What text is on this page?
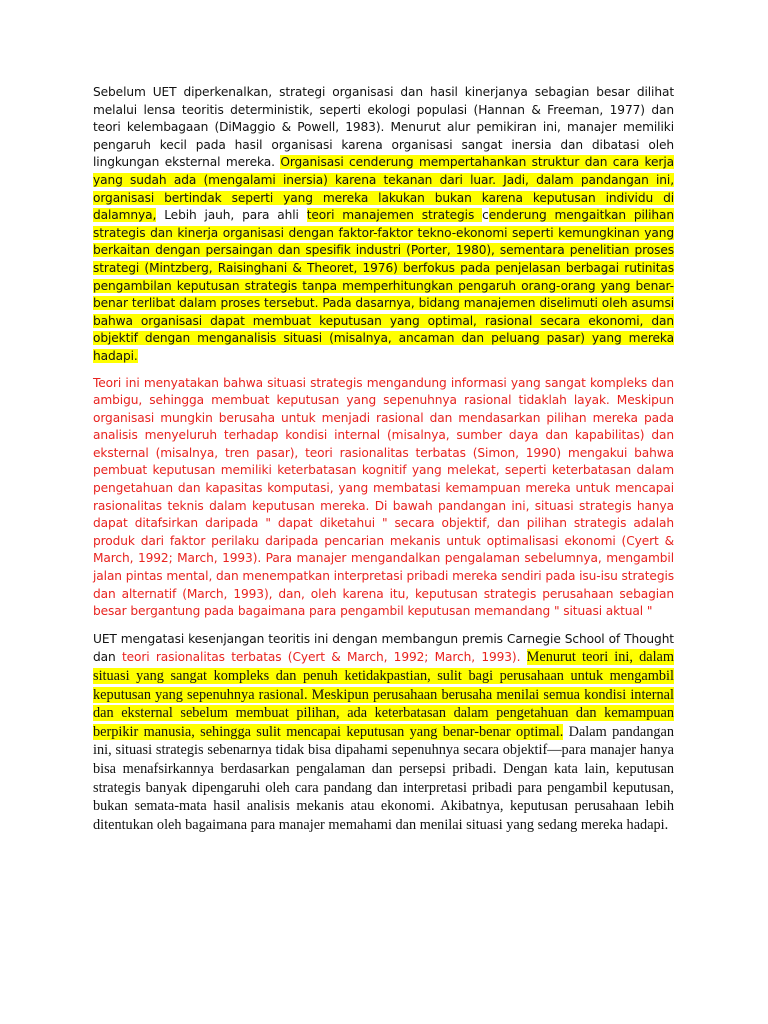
Sebelum UET diperkenalkan, strategi organisasi dan hasil kinerjanya sebagian besar dilihat melalui lensa teoritis deterministik, seperti ekologi populasi (Hannan & Freeman, 1977) dan teori kelembagaan (DiMaggio & Powell, 1983). Menurut alur pemikiran ini, manajer memiliki pengaruh kecil pada hasil organisasi karena organisasi sangat inersia dan dibatasi oleh lingkungan eksternal mereka. Organisasi cenderung mempertahankan struktur dan cara kerja yang sudah ada (mengalami inersia) karena tekanan dari luar. Jadi, dalam pandangan ini, organisasi bertindak seperti yang mereka lakukan bukan karena keputusan individu di dalamnya, Lebih jauh, para ahli teori manajemen strategis cenderung mengaitkan pilihan strategis dan kinerja organisasi dengan faktor-faktor tekno-ekonomi seperti kemungkinan yang berkaitan dengan persaingan dan spesifik industri (Porter, 1980), sementara penelitian proses strategi (Mintzberg, Raisinghani & Theoret, 1976) berfokus pada penjelasan berbagai rutinitas pengambilan keputusan strategis tanpa memperhitungkan pengaruh orang-orang yang benar-benar terlibat dalam proses tersebut. Pada dasarnya, bidang manajemen diselimuti oleh asumsi bahwa organisasi dapat membuat keputusan yang optimal, rasional secara ekonomi, dan objektif dengan menganalisis situasi (misalnya, ancaman dan peluang pasar) yang mereka hadapi.

Teori ini menyatakan bahwa situasi strategis mengandung informasi yang sangat kompleks dan ambigu, sehingga membuat keputusan yang sepenuhnya rasional tidaklah layak. Meskipun organisasi mungkin berusaha untuk menjadi rasional dan mendasarkan pilihan mereka pada analisis menyeluruh terhadap kondisi internal (misalnya, sumber daya dan kapabilitas) dan eksternal (misalnya, tren pasar), teori rasionalitas terbatas (Simon, 1990) mengakui bahwa pembuat keputusan memiliki keterbatasan kognitif yang melekat, seperti keterbatasan dalam pengetahuan dan kapasitas komputasi, yang membatasi kemampuan mereka untuk mencapai rasionalitas teknis dalam keputusan mereka. Di bawah pandangan ini, situasi strategis hanya dapat ditafsirkan daripada " dapat diketahui " secara objektif, dan pilihan strategis adalah produk dari faktor perilaku daripada pencarian mekanis untuk optimalisasi ekonomi (Cyert & March, 1992; March, 1993). Para manajer mengandalkan pengalaman sebelumnya, mengambil jalan pintas mental, dan menempatkan interpretasi pribadi mereka sendiri pada isu-isu strategis dan alternatif (March, 1993), dan, oleh karena itu, keputusan strategis perusahaan sebagian besar bergantung pada bagaimana para pengambil keputusan memandang " situasi aktual "

UET mengatasi kesenjangan teoritis ini dengan membangun premis Carnegie School of Thought dan teori rasionalitas terbatas (Cyert & March, 1992; March, 1993). Menurut teori ini, dalam situasi yang sangat kompleks dan penuh ketidakpastian, sulit bagi perusahaan untuk mengambil keputusan yang sepenuhnya rasional. Meskipun perusahaan berusaha menilai semua kondisi internal dan eksternal sebelum membuat pilihan, ada keterbatasan dalam pengetahuan dan kemampuan berpikir manusia, sehingga sulit mencapai keputusan yang benar-benar optimal. Dalam pandangan ini, situasi strategis sebenarnya tidak bisa dipahami sepenuhnya secara objektif—para manajer hanya bisa menafsirkannya berdasarkan pengalaman dan persepsi pribadi. Dengan kata lain, keputusan strategis banyak dipengaruhi oleh cara pandang dan interpretasi pribadi para pengambil keputusan, bukan semata-mata hasil analisis mekanis atau ekonomi. Akibatnya, keputusan perusahaan lebih ditentukan oleh bagaimana para manajer memahami dan menilai situasi yang sedang mereka hadapi.
